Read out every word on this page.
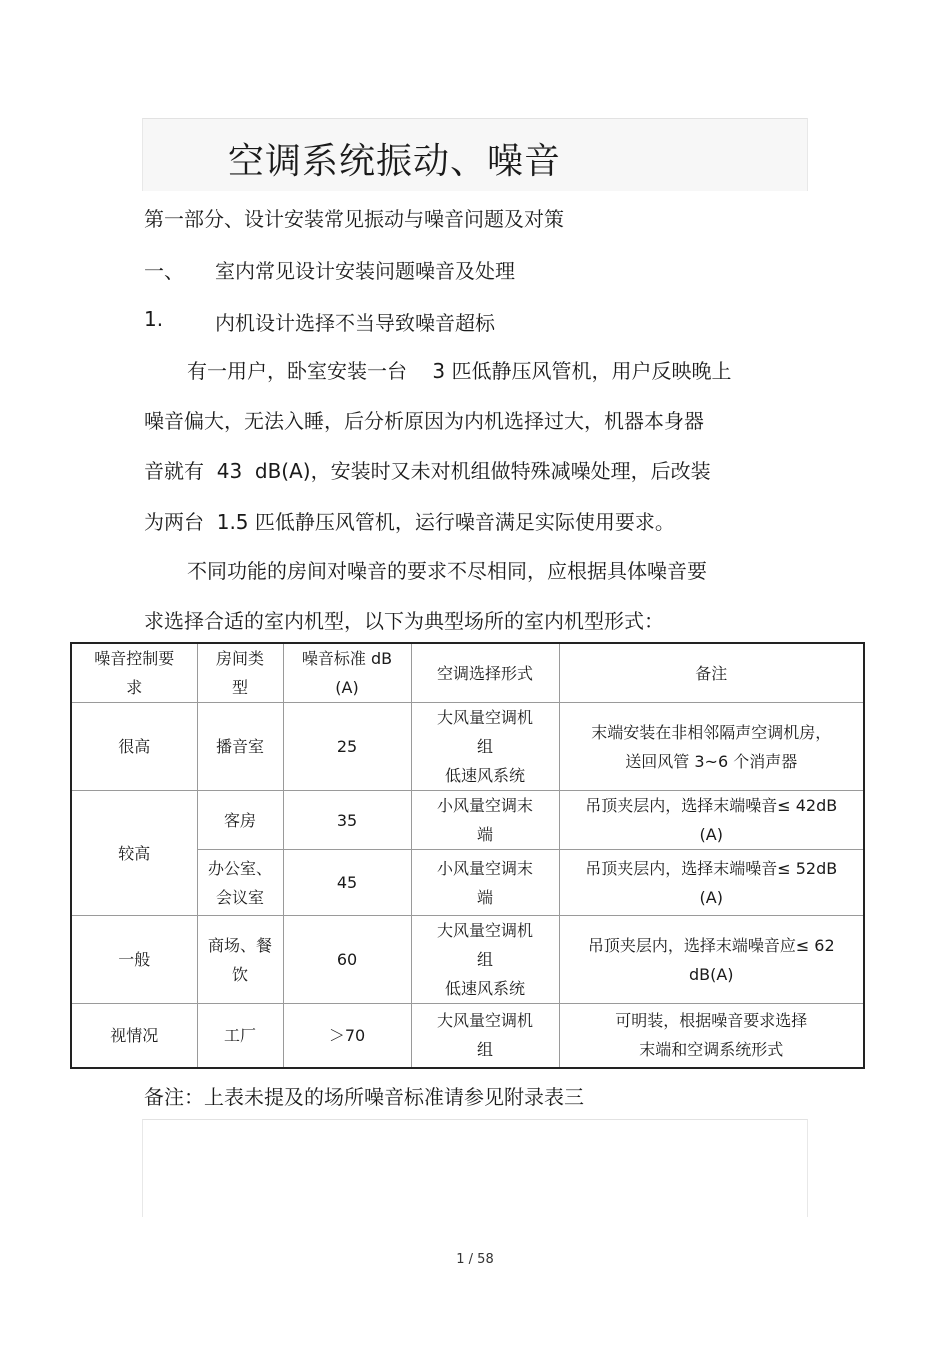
空调系统振动、噪音
第一部分、设计安装常见振动与噪音问题及对策
一、 室内常见设计安装问题噪音及处理
1.	内机设计选择不当导致噪音超标
有一用户，卧室安装一台    3 匹低静压风管机，用户反映晚上
噪音偏大，无法入睡，后分析原因为内机选择过大，机器本身器
音就有  43  dB(A)，安装时又未对机组做特殊减噪处理，后改装
为两台  1.5 匹低静压风管机，运行噪音满足实际使用要求。
不同功能的房间对噪音的要求不尽相同，应根据具体噪音要
求选择合适的室内机型，以下为典型场所的室内机型形式：
噪音控制要
求	房间类
型	噪音标准 dB
(A)	空调选择形式	备注
很高	播音室	25	大风量空调机
组
低速风系统	末端安装在非相邻隔声空调机房，
送回风管 3~6 个消声器
较高	客房	35	小风量空调末
端	吊顶夹层内，选择末端噪音≤ 42dB
(A)
	办公室、
会议室	45	小风量空调末
端	吊顶夹层内，选择末端噪音≤ 52dB
(A)
一般	商场、餐
饮	60	大风量空调机
组
低速风系统	吊顶夹层内，选择末端噪音应≤ 62
dB(A)
视情况	工厂	＞70	大风量空调机
组	可明装，根据噪音要求选择
末端和空调系统形式
备注：上表未提及的场所噪音标准请参见附录表三
1 / 58
